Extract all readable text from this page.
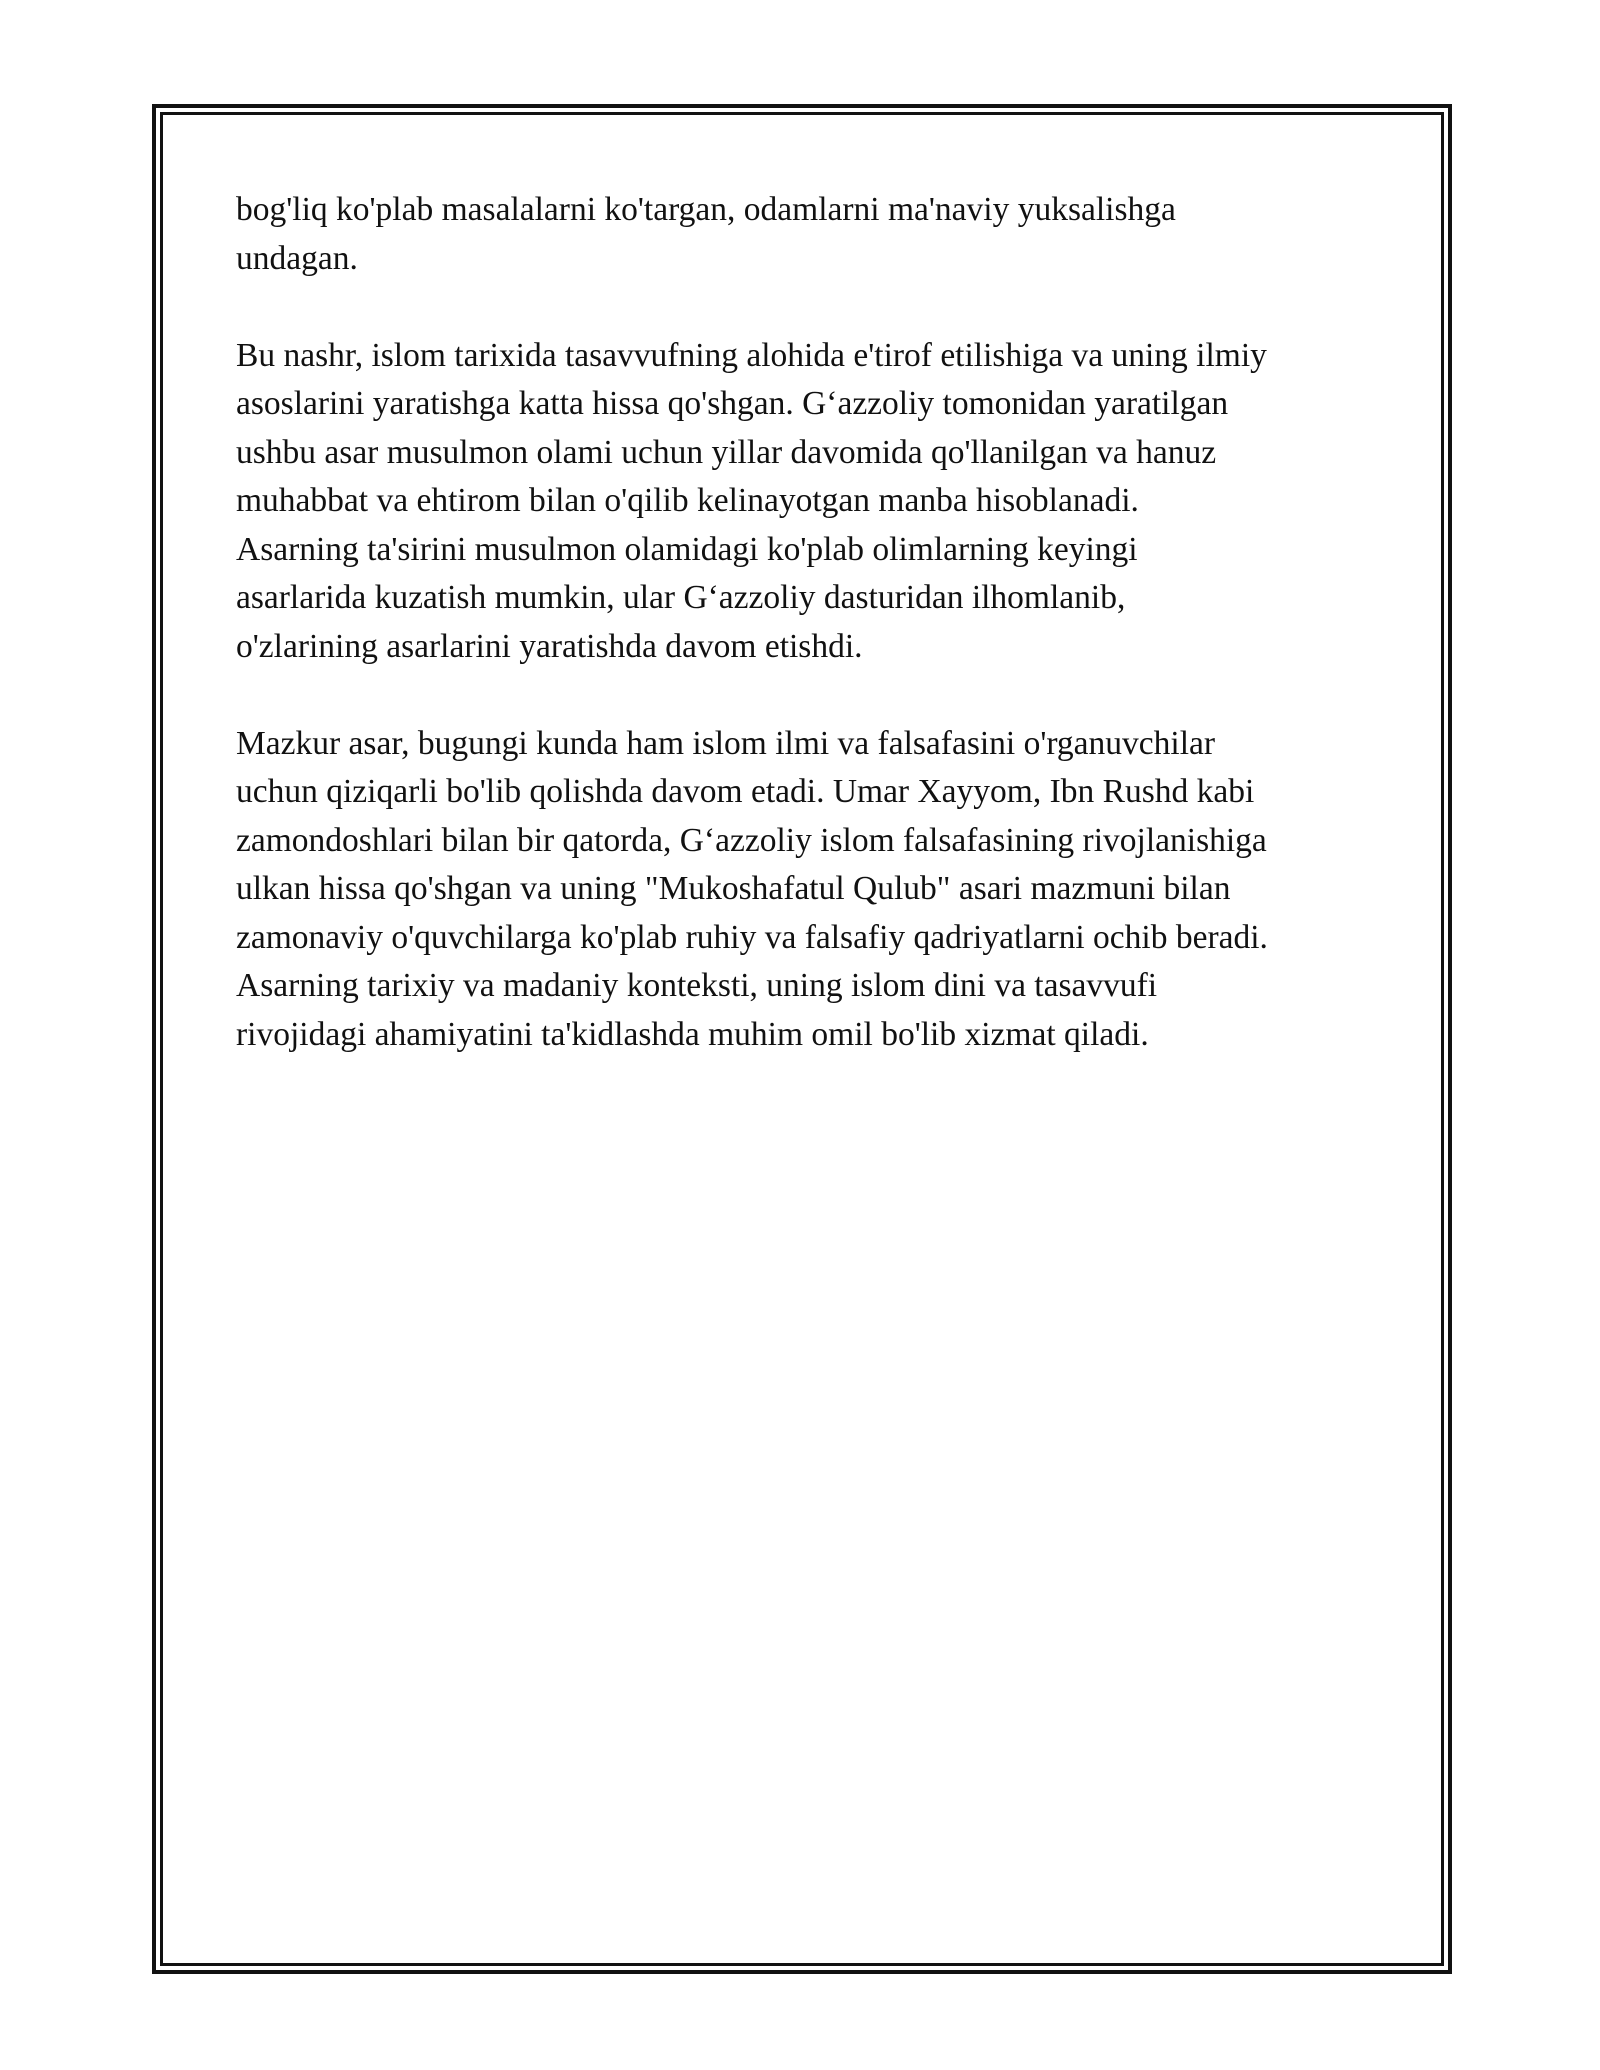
bog'liq ko'plab masalalarni ko'targan, odamlarni ma'naviy yuksalishga
undagan.

Bu nashr, islom tarixida tasavvufning alohida e'tirof etilishiga va uning ilmiy
asoslarini yaratishga katta hissa qo'shgan. G‘azzoliy tomonidan yaratilgan
ushbu asar musulmon olami uchun yillar davomida qo'llanilgan va hanuz
muhabbat va ehtirom bilan o'qilib kelinayotgan manba hisoblanadi.
Asarning ta'sirini musulmon olamidagi ko'plab olimlarning keyingi
asarlarida kuzatish mumkin, ular G‘azzoliy dasturidan ilhomlanib,
o'zlarining asarlarini yaratishda davom etishdi.

Mazkur asar, bugungi kunda ham islom ilmi va falsafasini o'rganuvchilar
uchun qiziqarli bo'lib qolishda davom etadi. Umar Xayyom, Ibn Rushd kabi
zamondoshlari bilan bir qatorda, G‘azzoliy islom falsafasining rivojlanishiga
ulkan hissa qo'shgan va uning "Mukoshafatul Qulub" asari mazmuni bilan
zamonaviy o'quvchilarga ko'plab ruhiy va falsafiy qadriyatlarni ochib beradi.
Asarning tarixiy va madaniy konteksti, uning islom dini va tasavvufi
rivojidagi ahamiyatini ta'kidlashda muhim omil bo'lib xizmat qiladi.
